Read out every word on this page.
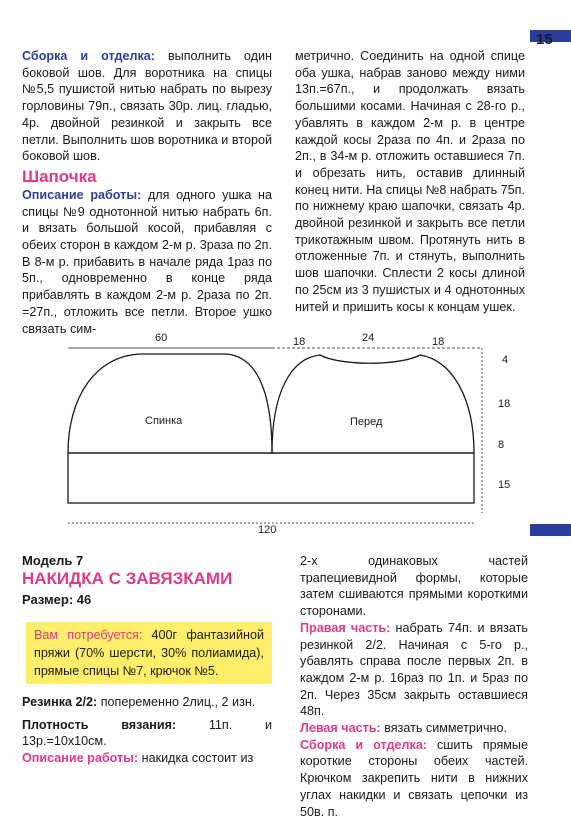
15

Сборка и отделка: выполнить один боковой шов. Для воротника на спицы №5,5 пушистой нитью набрать по вырезу горловины 79п., связать 30р. лиц. гладью, 4р. двойной резинкой и закрыть все петли. Выполнить шов воротника и второй боковой шов.

Шапочка

Описание работы: для одного ушка на спицы №9 однотонной нитью набрать 6п. и вязать большой косой, прибавляя с обеих сторон в каждом 2-м р. 3раза по 2п. В 8-м р. прибавить в начале ряда 1раз по 5п., одновременно в конце ряда прибавлять в каждом 2-м р. 2раза по 2п. =27п., отложить все петли. Второе ушко связать сим-

метрично. Соединить на одной спице оба ушка, набрав заново между ними 13п.=67п., и продолжать вязать большими косами. Начиная с 28-го р., убавлять в каждом 2-м р. в центре каждой косы 2раза по 4п. и 2раза по 2п., в 34-м р. отложить оставшиеся 7п. и обрезать нить, оставив длинный конец нити. На спицы №8 набрать 75п. по нижнему краю шапочки, связать 4р. двойной резинкой и закрыть все петли трикотажным швом. Протянуть нить в отложенные 7п. и стянуть, выполнить шов шапочки. Сплести 2 косы длиной по 25см из 3 пушистых и 4 однотонных нитей и пришить косы к концам ушек.

60	18	24	18
4
18
8
15
Спинка	Перед
120
Модель 7
НАКИДКА С ЗАВЯЗКАМИ
Размер: 46
Вам потребуется: 400г фантазийной пряжи (70% шерсти, 30% полиамида), прямые спицы №7, крючок №5.

Резинка 2/2: попеременно 2лиц., 2 изн.

Плотность вязания: 11п. и 13р.=10х10см.

Описание работы: накидка состоит из

2-х одинаковых частей трапециевидной формы, которые затем сшиваются прямыми короткими сторонами.

Правая часть: набрать 74п. и вязать резинкой 2/2. Начиная с 5-го р., убавлять справа после первых 2п. в каждом 2-м р. 16раз по 1п. и 5раз по 2п. Через 35см закрыть оставшиеся 48п.

Левая часть: вязать симметрично.

Сборка и отделка: сшить прямые короткие стороны обеих частей. Крючком закрепить нити в нижних углах накидки и связать цепочки из 50в. п.
